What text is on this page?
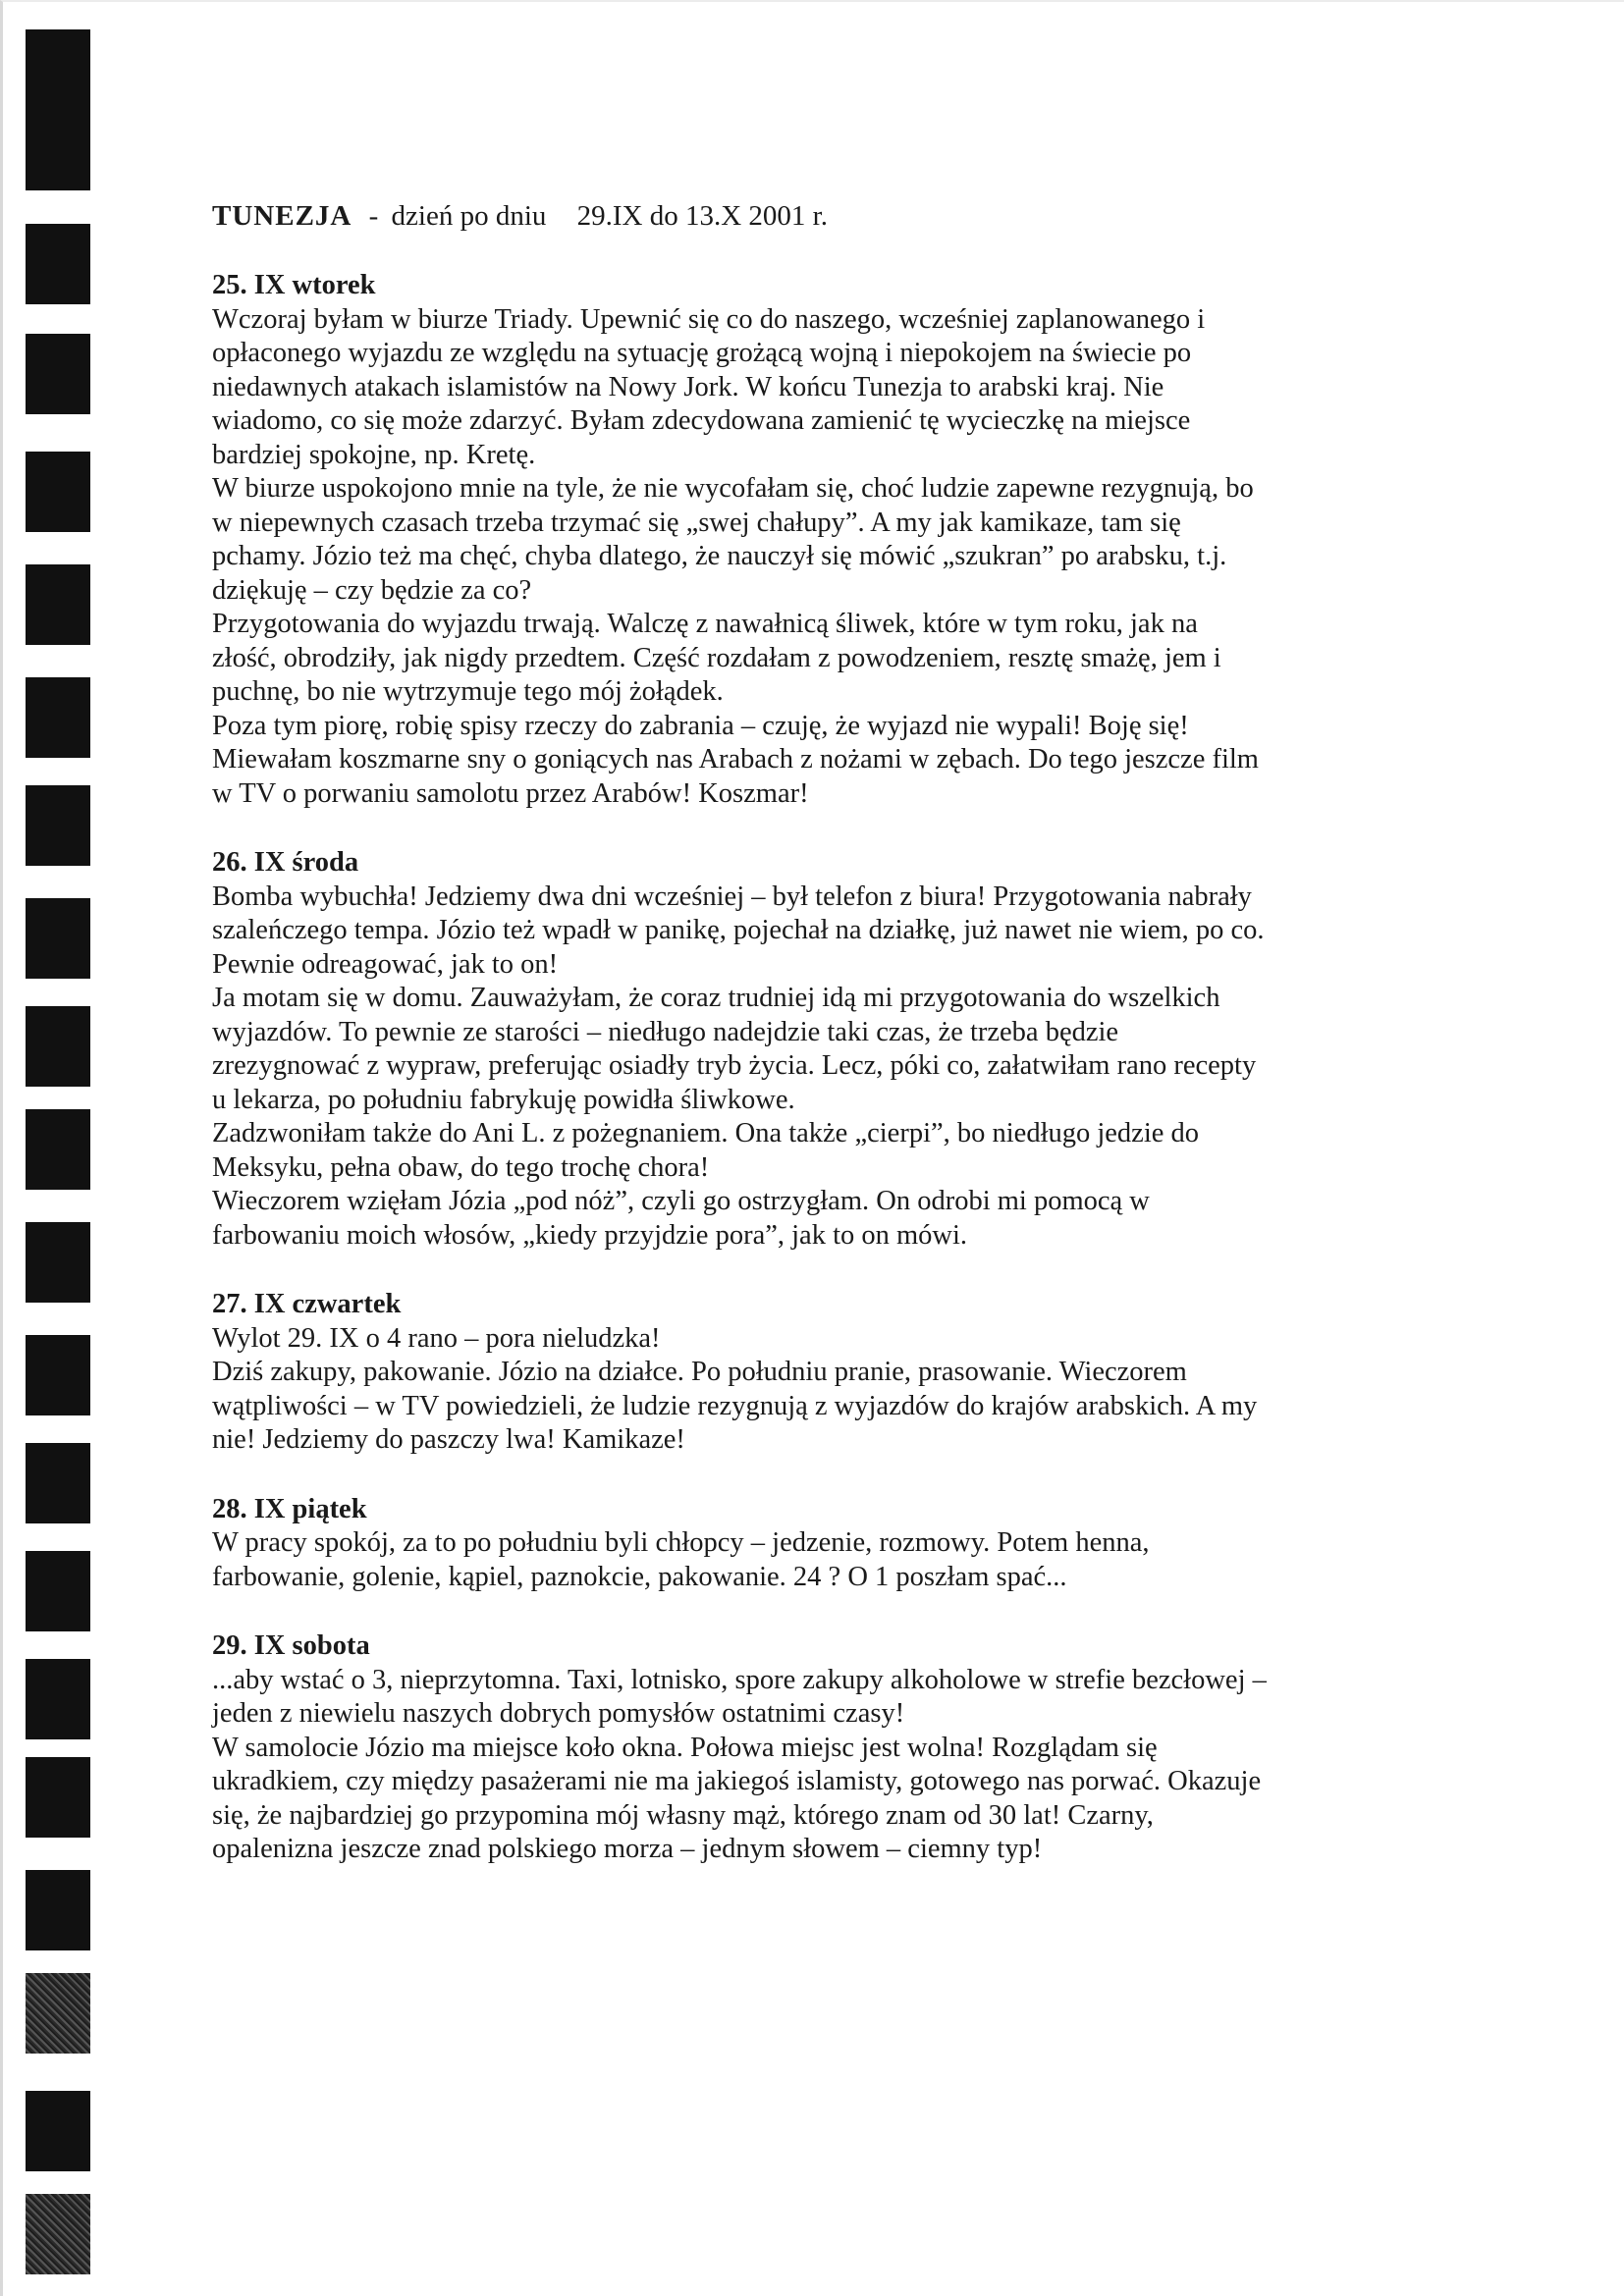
TUNEZJA - dzień po dniu 29.IX do 13.X 2001 r.
25. IX wtorek
Wczoraj byłam w biurze Triady. Upewnić się co do naszego, wcześniej zaplanowanego i
opłaconego wyjazdu ze względu na sytuację grożącą wojną i niepokojem na świecie po
niedawnych atakach islamistów na Nowy Jork. W końcu Tunezja to arabski kraj. Nie
wiadomo, co się może zdarzyć. Byłam zdecydowana zamienić tę wycieczkę na miejsce
bardziej spokojne, np. Kretę.
W biurze uspokojono mnie na tyle, że nie wycofałam się, choć ludzie zapewne rezygnują, bo
w niepewnych czasach trzeba trzymać się „swej chałupy”. A my jak kamikaze, tam się
pchamy. Józio też ma chęć, chyba dlatego, że nauczył się mówić „szukran” po arabsku, t.j.
dziękuję – czy będzie za co?
Przygotowania do wyjazdu trwają. Walczę z nawałnicą śliwek, które w tym roku, jak na
złość, obrodziły, jak nigdy przedtem. Część rozdałam z powodzeniem, resztę smażę, jem i
puchnę, bo nie wytrzymuje tego mój żołądek.
Poza tym piorę, robię spisy rzeczy do zabrania – czuję, że wyjazd nie wypali! Boję się!
Miewałam koszmarne sny o goniących nas Arabach z nożami w zębach. Do tego jeszcze film
w TV o porwaniu samolotu przez Arabów! Koszmar!
26. IX środa
Bomba wybuchła! Jedziemy dwa dni wcześniej – był telefon z biura! Przygotowania nabrały
szaleńczego tempa. Józio też wpadł w panikę, pojechał na działkę, już nawet nie wiem, po co.
Pewnie odreagować, jak to on!
Ja motam się w domu. Zauważyłam, że coraz trudniej idą mi przygotowania do wszelkich
wyjazdów. To pewnie ze starości – niedługo nadejdzie taki czas, że trzeba będzie
zrezygnować z wypraw, preferując osiadły tryb życia. Lecz, póki co, załatwiłam rano recepty
u lekarza, po południu fabrykuję powidła śliwkowe.
Zadzwoniłam także do Ani L. z pożegnaniem. Ona także „cierpi”, bo niedługo jedzie do
Meksyku, pełna obaw, do tego trochę chora!
Wieczorem wzięłam Józia „pod nóż”, czyli go ostrzygłam. On odrobi mi pomocą w
farbowaniu moich włosów, „kiedy przyjdzie pora”, jak to on mówi.
27. IX czwartek
Wylot 29. IX o 4 rano – pora nieludzka!
Dziś zakupy, pakowanie. Józio na działce. Po południu pranie, prasowanie. Wieczorem
wątpliwości – w TV powiedzieli, że ludzie rezygnują z wyjazdów do krajów arabskich. A my
nie! Jedziemy do paszczy lwa! Kamikaze!
28. IX piątek
W pracy spokój, za to po południu byli chłopcy – jedzenie, rozmowy. Potem henna,
farbowanie, golenie, kąpiel, paznokcie, pakowanie. 24 ? O 1 poszłam spać...
29. IX sobota
...aby wstać o 3, nieprzytomna. Taxi, lotnisko, spore zakupy alkoholowe w strefie bezcłowej –
jeden z niewielu naszych dobrych pomysłów ostatnimi czasy!
W samolocie Józio ma miejsce koło okna. Połowa miejsc jest wolna! Rozglądam się
ukradkiem, czy między pasażerami nie ma jakiegoś islamisty, gotowego nas porwać. Okazuje
się, że najbardziej go przypomina mój własny mąż, którego znam od 30 lat! Czarny,
opalenizna jeszcze znad polskiego morza – jednym słowem – ciemny typ!
